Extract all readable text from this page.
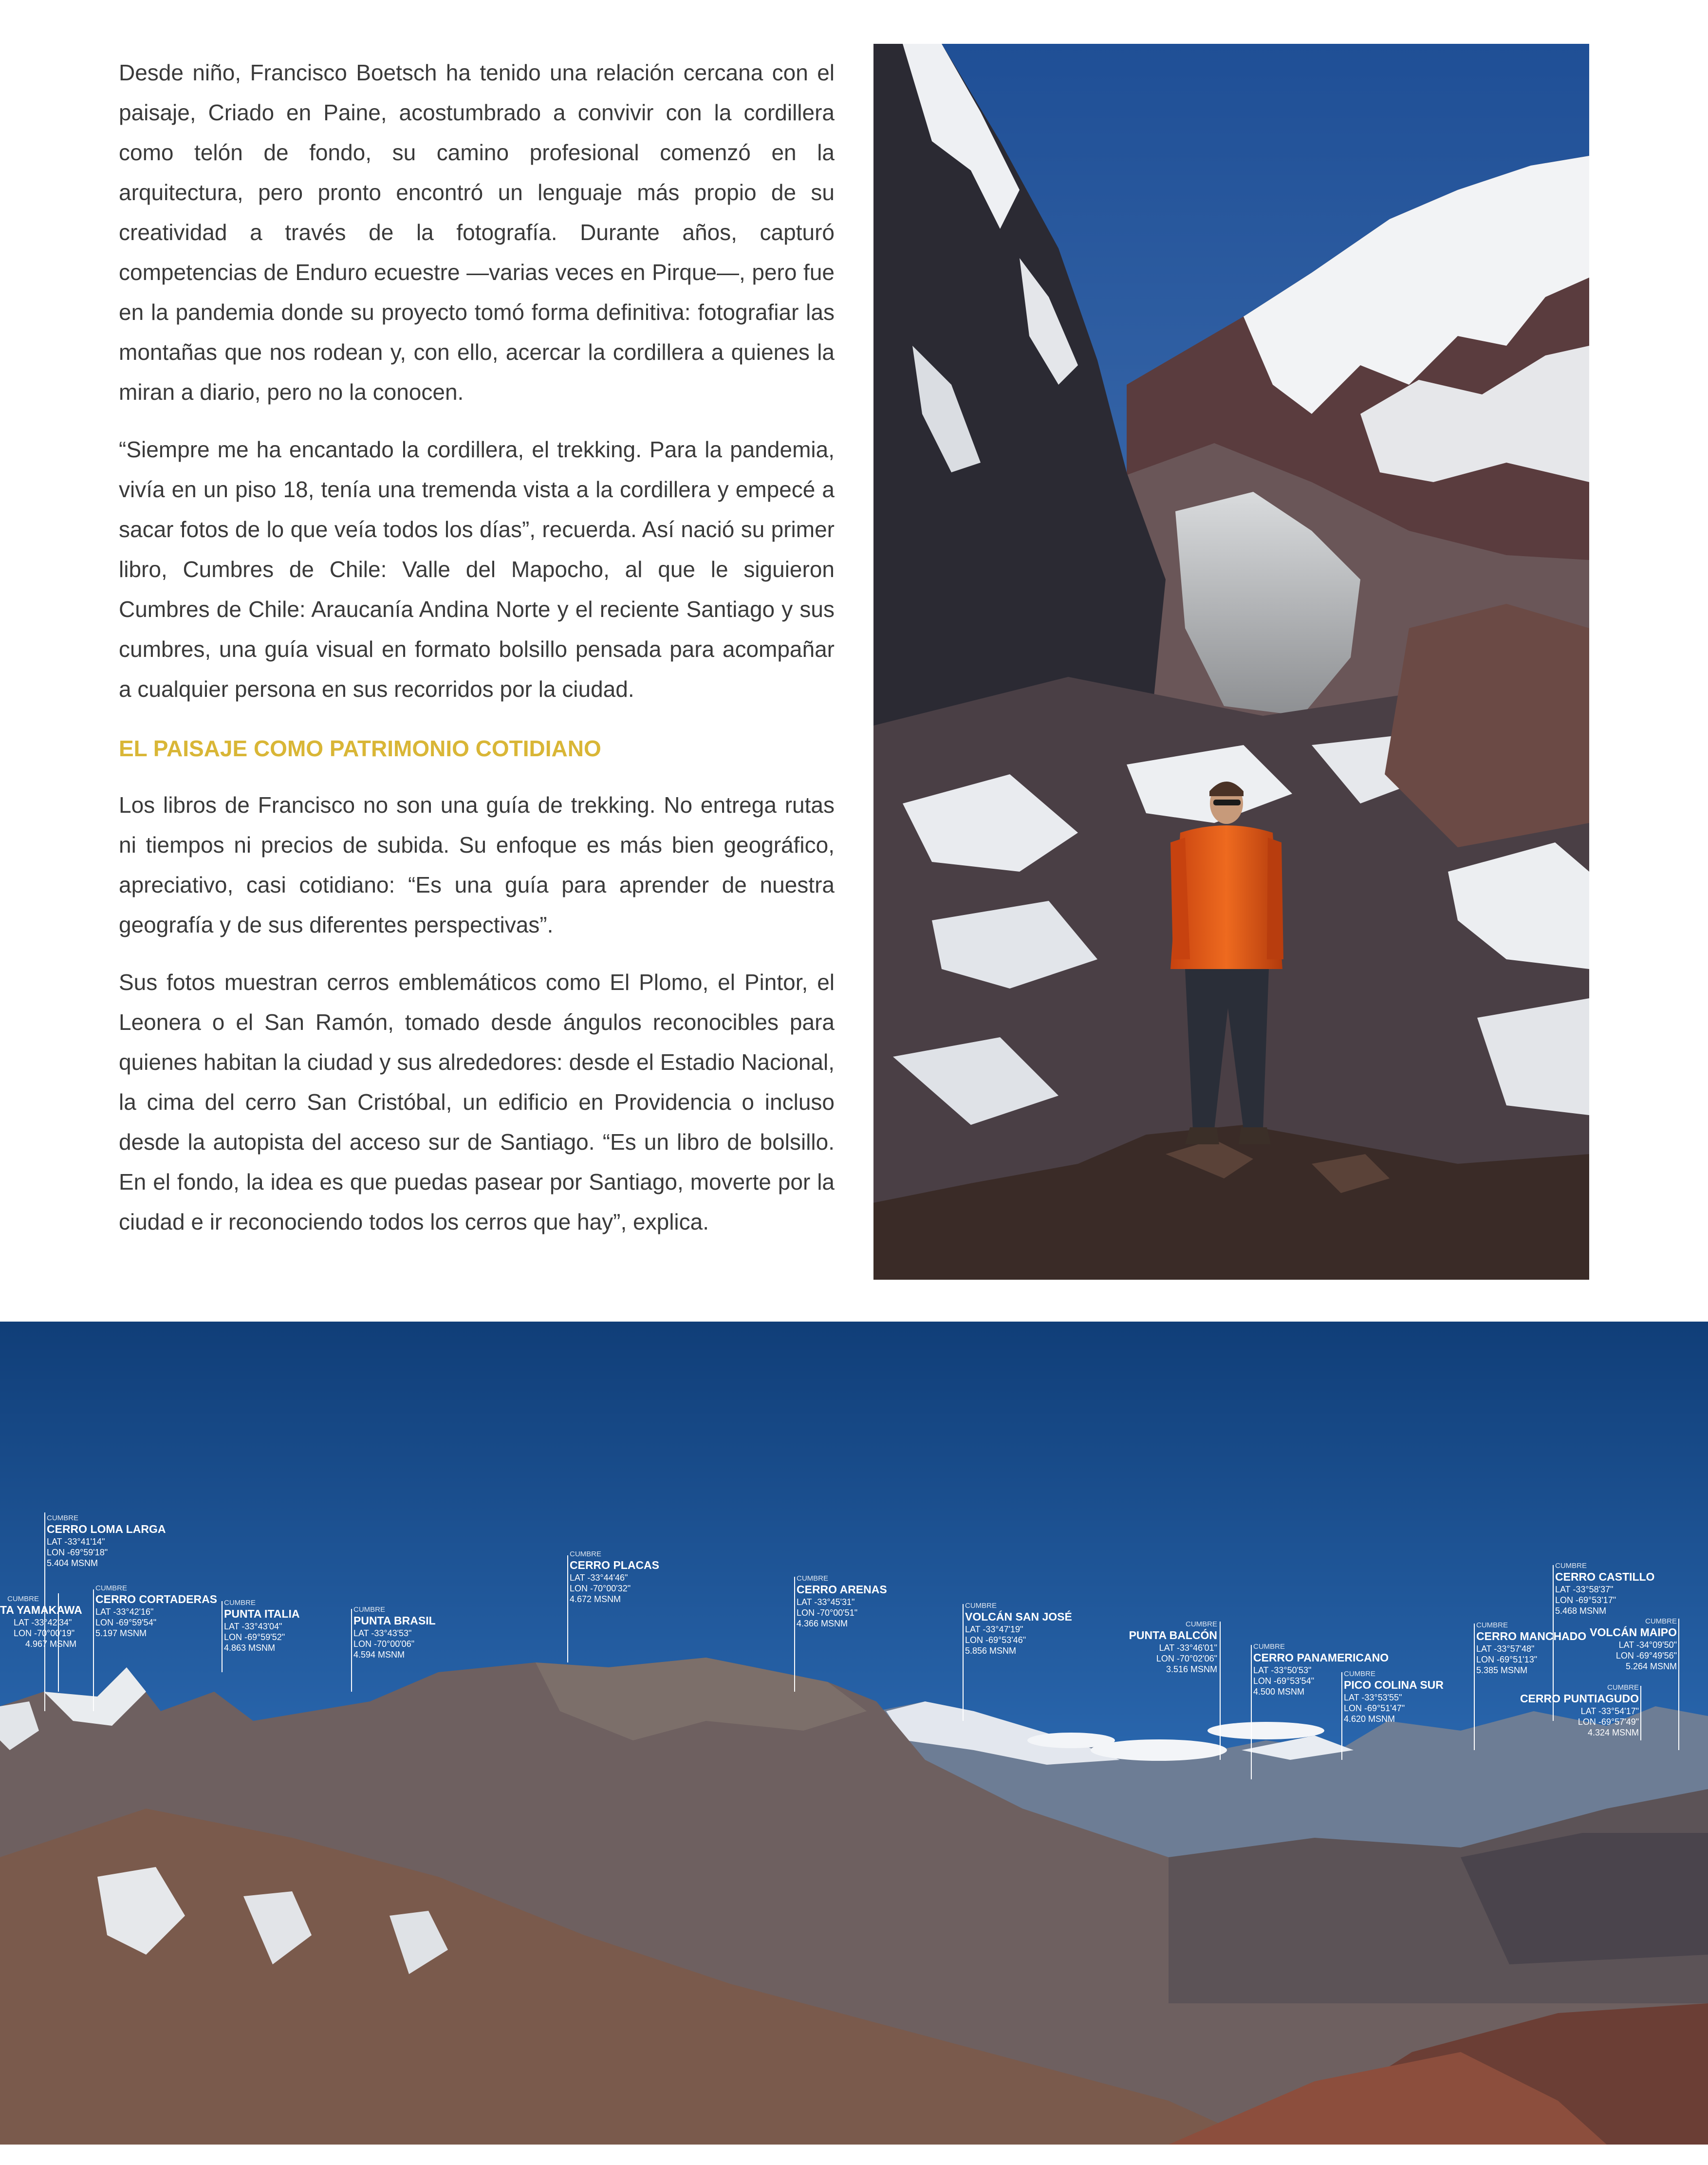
Desde niño, Francisco Boetsch ha tenido una relación cercana con el paisaje, Criado en Paine, acostumbrado a convivir con la cordillera como telón de fondo, su camino profesional comenzó en la arquitectura, pero pronto encontró un lenguaje más propio de su creatividad a través de la fotografía. Durante años, capturó competencias de Enduro ecuestre —varias veces en Pirque—, pero fue en la pandemia donde su proyecto tomó forma definitiva: fotografiar las montañas que nos rodean y, con ello, acercar la cordillera a quienes la miran a diario, pero no la conocen.

“Siempre me ha encantado la cordillera, el trekking. Para la pandemia, vivía en un piso 18, tenía una tremenda vista a la cordillera y empecé a sacar fotos de lo que veía todos los días”, recuerda. Así nació su primer libro, Cumbres de Chile: Valle del Mapocho, al que le siguieron Cumbres de Chile: Araucanía Andina Norte y el reciente Santiago y sus cumbres, una guía visual en formato bolsillo pensada para acompañar a cualquier persona en sus recorridos por la ciudad.

EL PAISAJE COMO PATRIMONIO COTIDIANO

Los libros de Francisco no son una guía de trekking. No entrega rutas ni tiempos ni precios de subida. Su enfoque es más bien geográfico, apreciativo, casi cotidiano: “Es una guía para aprender de nuestra geografía y de sus diferentes perspectivas”.

Sus fotos muestran cerros emblemáticos como El Plomo, el Pintor, el Leonera o el San Ramón, tomado desde ángulos reconocibles para quienes habitan la ciudad y sus alrededores: desde el Estadio Nacional, la cima del cerro San Cristóbal, un edificio en Providencia o incluso desde la autopista del acceso sur de Santiago. “Es un libro de bolsillo. En el fondo, la idea es que puedas pasear por Santiago, moverte por la ciudad e ir reconociendo todos los cerros que hay”, explica.

CUMBRE
CERRO LOMA LARGA
LAT -33°41'14"
LON -69°59'18"
5.404 MSNM
CUMBRE
TA YAMAKAWA
LAT -33°42'34"
LON -70°00'19"
4.967 MSNM
CUMBRE
CERRO CORTADERAS
LAT -33°42'16"
LON -69°59'54"
5.197 MSNM
CUMBRE
PUNTA ITALIA
LAT -33°43'04"
LON -69°59'52"
4.863 MSNM
CUMBRE
PUNTA BRASIL
LAT -33°43'53"
LON -70°00'06"
4.594 MSNM
CUMBRE
CERRO PLACAS
LAT -33°44'46"
LON -70°00'32"
4.672 MSNM
CUMBRE
CERRO ARENAS
LAT -33°45'31"
LON -70°00'51"
4.366 MSNM
CUMBRE
VOLCÁN SAN JOSÉ
LAT -33°47'19"
LON -69°53'46"
5.856 MSNM
CUMBRE
PUNTA BALCÓN
LAT -33°46'01"
LON -70°02'06"
3.516 MSNM
CUMBRE
CERRO PANAMERICANO
LAT -33°50'53"
LON -69°53'54"
4.500 MSNM
CUMBRE
PICO COLINA SUR
LAT -33°53'55"
LON -69°51'47"
4.620 MSNM
CUMBRE
CERRO MANCHADO
LAT -33°57'48"
LON -69°51'13"
5.385 MSNM
CUMBRE
CERRO CASTILLO
LAT -33°58'37"
LON -69°53'17"
5.468 MSNM
CUMBRE
VOLCÁN MAIPO
LAT -34°09'50"
LON -69°49'56"
5.264 MSNM
CUMBRE
CERRO PUNTIAGUDO
LAT -33°54'17"
LON -69°57'49"
4.324 MSNM
